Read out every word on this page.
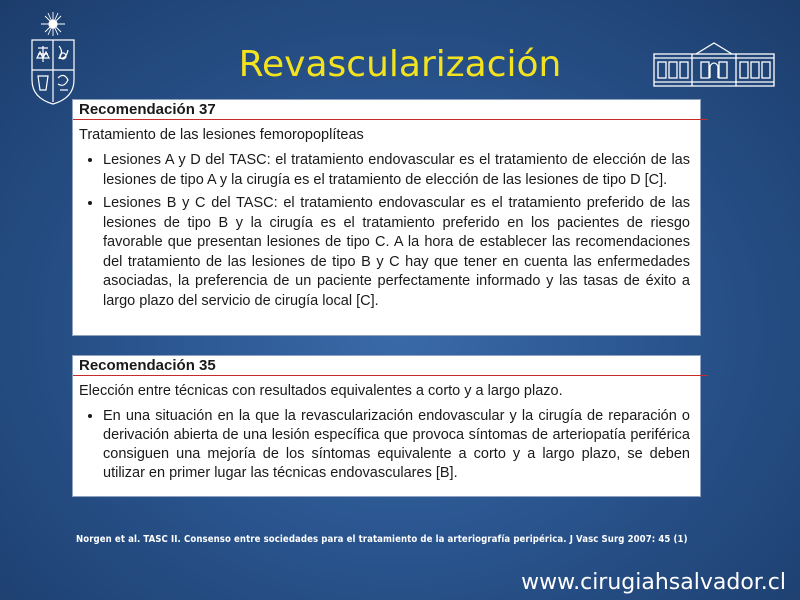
Revascularización
Recomendación 37
Tratamiento de las lesiones femoropoplíteas
• Lesiones A y D del TASC: el tratamiento endovascular es el tratamiento de elección de las lesiones de tipo A y la cirugía es el tratamiento de elección de las lesiones de tipo D [C].
• Lesiones B y C del TASC: el tratamiento endovascular es el tratamiento preferido de las lesiones de tipo B y la cirugía es el tratamiento preferido en los pacientes de riesgo favorable que presentan lesiones de tipo C. A la hora de establecer las recomendaciones del tratamiento de las lesiones de tipo B y C hay que tener en cuenta las enfermedades asociadas, la preferencia de un paciente perfectamente informado y las tasas de éxito a largo plazo del servicio de cirugía local [C].
Recomendación 35
Elección entre técnicas con resultados equivalentes a corto y a largo plazo.
• En una situación en la que la revascularización endovascular y la cirugía de reparación o derivación abierta de una lesión específica que provoca síntomas de arteriopatía periférica consiguen una mejoría de los síntomas equivalente a corto y a largo plazo, se deben utilizar en primer lugar las técnicas endovasculares [B].
Norgen et al. TASC II. Consenso entre sociedades para el tratamiento de la arteriografía peripérica. J Vasc Surg 2007: 45 (1)
www.cirugiahsalvador.cl
